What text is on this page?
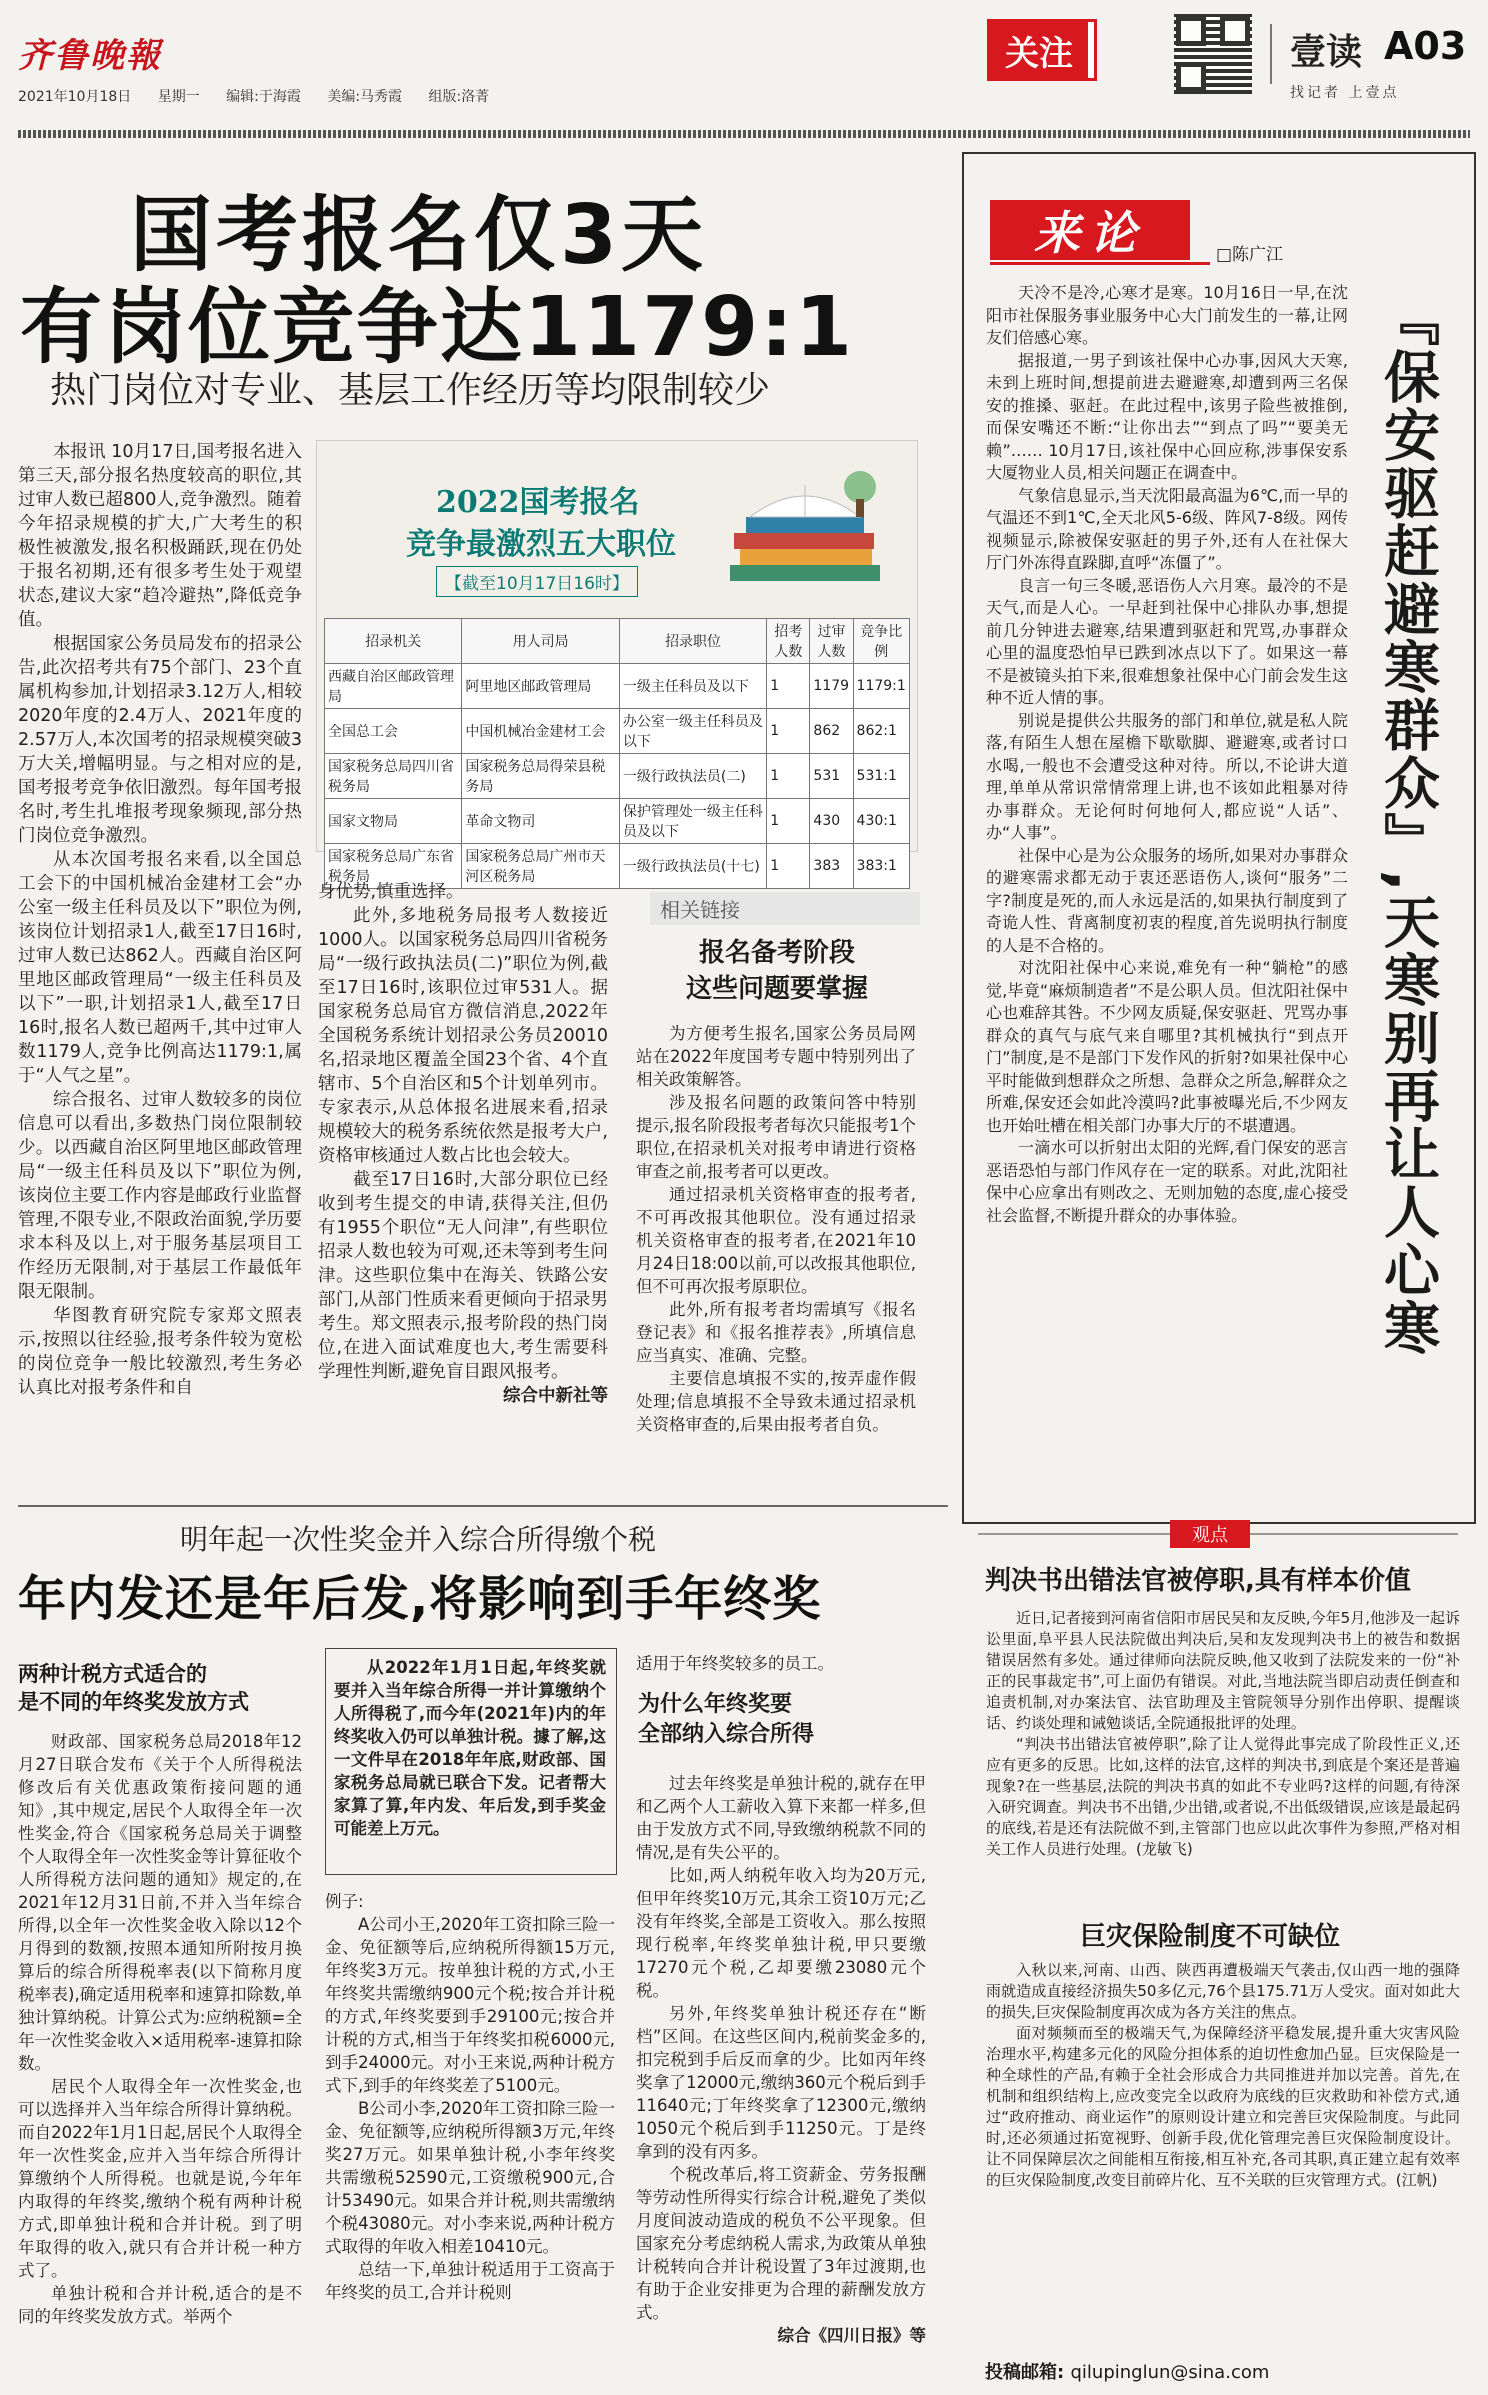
齐鲁晚報
2021年10月18日 星期一 编辑:于海霞 美编:马秀霞 组版:洛菁
关注	壹读 A03
找记者 上壹点
国考报名仅3天
有岗位竞争达1179:1
热门岗位对专业、基层工作经历等均限制较少

本报讯 10月17日,国考报名进入第三天,部分报名热度较高的职位,其过审人数已超800人,竞争激烈。随着今年招录规模的扩大,广大考生的积极性被激发,报名积极踊跃,现在仍处于报名初期,还有很多考生处于观望状态,建议大家“趋冷避热”,降低竞争值。

根据国家公务员局发布的招录公告,此次招考共有75个部门、23个直属机构参加,计划招录3.12万人,相较2020年度的2.4万人、2021年度的2.57万人,本次国考的招录规模突破3万大关,增幅明显。与之相对应的是,国考报考竞争依旧激烈。每年国考报名时,考生扎堆报考现象频现,部分热门岗位竞争激烈。

从本次国考报名来看,以全国总工会下的中国机械冶金建材工会“办公室一级主任科员及以下”职位为例,该岗位计划招录1人,截至17日16时,过审人数已达862人。西藏自治区阿里地区邮政管理局“一级主任科员及以下”一职,计划招录1人,截至17日16时,报名人数已超两千,其中过审人数1179人,竞争比例高达1179:1,属于“人气之星”。

综合报名、过审人数较多的岗位信息可以看出,多数热门岗位限制较少。以西藏自治区阿里地区邮政管理局“一级主任科员及以下”职位为例,该岗位主要工作内容是邮政行业监督管理,不限专业,不限政治面貌,学历要求本科及以上,对于服务基层项目工作经历无限制,对于基层工作最低年限无限制。

华图教育研究院专家郑文照表示,按照以往经验,报考条件较为宽松的岗位竞争一般比较激烈,考生务必认真比对报考条件和自

2022国考报名
竞争最激烈五大职位
【截至10月17日16时】
招录机关	用人司局	招录职位	招考人数	过审人数	竞争比例
西藏自治区邮政管理局	阿里地区邮政管理局	一级主任科员及以下	1	1179	1179:1
全国总工会	中国机械冶金建材工会	办公室一级主任科员及以下	1	862	862:1
国家税务总局四川省税务局	国家税务总局得荣县税务局	一级行政执法员(二)	1	531	531:1
国家文物局	革命文物司	保护管理处一级主任科员及以下	1	430	430:1
国家税务总局广东省税务局	国家税务总局广州市天河区税务局	一级行政执法员(十七)	1	383	383:1

身优势,慎重选择。

此外,多地税务局报考人数接近1000人。以国家税务总局四川省税务局“一级行政执法员(二)”职位为例,截至17日16时,该职位过审531人。据国家税务总局官方微信消息,2022年全国税务系统计划招录公务员20010名,招录地区覆盖全国23个省、4个直辖市、5个自治区和5个计划单列市。专家表示,从总体报名进展来看,招录规模较大的税务系统依然是报考大户,资格审核通过人数占比也会较大。

截至17日16时,大部分职位已经收到考生提交的申请,获得关注,但仍有1955个职位“无人问津”,有些职位招录人数也较为可观,还未等到考生问津。这些职位集中在海关、铁路公安部门,从部门性质来看更倾向于招录男考生。郑文照表示,报考阶段的热门岗位,在进入面试难度也大,考生需要科学理性判断,避免盲目跟风报考。

综合中新社等

相关链接
报名备考阶段
这些问题要掌握

为方便考生报名,国家公务员局网站在2022年度国考专题中特别列出了相关政策解答。

涉及报名问题的政策问答中特别提示,报名阶段报考者每次只能报考1个职位,在招录机关对报考申请进行资格审查之前,报考者可以更改。

通过招录机关资格审查的报考者,不可再改报其他职位。没有通过招录机关资格审查的报考者,在2021年10月24日18:00以前,可以改报其他职位,但不可再次报考原职位。

此外,所有报考者均需填写《报名登记表》和《报名推荐表》,所填信息应当真实、准确、完整。

主要信息填报不实的,按弄虚作假处理;信息填报不全导致未通过招录机关资格审查的,后果由报考者自负。

来论	□陈广江
『保安驱赶避寒群众』,天寒别再让人心寒

天冷不是冷,心寒才是寒。10月16日一早,在沈阳市社保服务事业服务中心大门前发生的一幕,让网友们倍感心寒。

据报道,一男子到该社保中心办事,因风大天寒,未到上班时间,想提前进去避避寒,却遭到两三名保安的推搡、驱赶。在此过程中,该男子险些被推倒,而保安嘴还不断:“让你出去”“到点了吗”“要美无赖”…… 10月17日,该社保中心回应称,涉事保安系大厦物业人员,相关问题正在调查中。

气象信息显示,当天沈阳最高温为6℃,而一早的气温还不到1℃,全天北风5-6级、阵风7-8级。网传视频显示,除被保安驱赶的男子外,还有人在社保大厅门外冻得直跺脚,直呼“冻僵了”。

良言一句三冬暖,恶语伤人六月寒。最冷的不是天气,而是人心。一早赶到社保中心排队办事,想提前几分钟进去避寒,结果遭到驱赶和咒骂,办事群众心里的温度恐怕早已跌到冰点以下了。如果这一幕不是被镜头拍下来,很难想象社保中心门前会发生这种不近人情的事。

别说是提供公共服务的部门和单位,就是私人院落,有陌生人想在屋檐下歇歇脚、避避寒,或者讨口水喝,一般也不会遭受这种对待。所以,不论讲大道理,单单从常识常情常理上讲,也不该如此粗暴对待办事群众。无论何时何地何人,都应说“人话”、办“人事”。

社保中心是为公众服务的场所,如果对办事群众的避寒需求都无动于衷还恶语伤人,谈何“服务”二字?制度是死的,而人永远是活的,如果执行制度到了奇诡人性、背离制度初衷的程度,首先说明执行制度的人是不合格的。

对沈阳社保中心来说,难免有一种“躺枪”的感觉,毕竟“麻烦制造者”不是公职人员。但沈阳社保中心也难辞其咎。不少网友质疑,保安驱赶、咒骂办事群众的真气与底气来自哪里?其机械执行“到点开门”制度,是不是部门下发作风的折射?如果社保中心平时能做到想群众之所想、急群众之所急,解群众之所难,保安还会如此冷漠吗?此事被曝光后,不少网友也开始吐槽在相关部门办事大厅的不堪遭遇。

一滴水可以折射出太阳的光辉,看门保安的恶言恶语恐怕与部门作风存在一定的联系。对此,沈阳社保中心应拿出有则改之、无则加勉的态度,虚心接受社会监督,不断提升群众的办事体验。

观点
判决书出错法官被停职,具有样本价值

近日,记者接到河南省信阳市居民吴和友反映,今年5月,他涉及一起诉讼里面,阜平县人民法院做出判决后,吴和友发现判决书上的被告和数据错误居然有多处。通过律师向法院反映,他又收到了法院发来的一份“补正的民事裁定书”,可上面仍有错误。对此,当地法院当即启动责任倒查和追责机制,对办案法官、法官助理及主管院领导分别作出停职、提醒谈话、约谈处理和诫勉谈话,全院通报批评的处理。

“判决书出错法官被停职”,除了让人觉得此事完成了阶段性正义,还应有更多的反思。比如,这样的法官,这样的判决书,到底是个案还是普遍现象?在一些基层,法院的判决书真的如此不专业吗?这样的问题,有待深入研究调查。判决书不出错,少出错,或者说,不出低级错误,应该是最起码的底线,若是还有法院做不到,主管部门也应以此次事件为参照,严格对相关工作人员进行处理。(龙敏飞)

巨灾保险制度不可缺位

入秋以来,河南、山西、陕西再遭极端天气袭击,仅山西一地的强降雨就造成直接经济损失50多亿元,76个县175.71万人受灾。面对如此大的损失,巨灾保险制度再次成为各方关注的焦点。

面对频频而至的极端天气,为保障经济平稳发展,提升重大灾害风险治理水平,构建多元化的风险分担体系的迫切性愈加凸显。巨灾保险是一种全球性的产品,有赖于全社会形成合力共同推进并加以完善。首先,在机制和组织结构上,应改变完全以政府为底线的巨灾救助和补偿方式,通过“政府推动、商业运作”的原则设计建立和完善巨灾保险制度。与此同时,还必须通过拓宽视野、创新手段,优化管理完善巨灾保险制度设计。让不同保障层次之间能相互衔接,相互补充,各司其职,真正建立起有效率的巨灾保险制度,改变目前碎片化、互不关联的巨灾管理方式。(江帆)

投稿邮箱: qilupinglun@sina.com
明年起一次性奖金并入综合所得缴个税
年内发还是年后发,将影响到手年终奖
两种计税方式适合的
是不同的年终奖发放方式

财政部、国家税务总局2018年12月27日联合发布《关于个人所得税法修改后有关优惠政策衔接问题的通知》,其中规定,居民个人取得全年一次性奖金,符合《国家税务总局关于调整个人取得全年一次性奖金等计算征收个人所得税方法问题的通知》规定的,在2021年12月31日前,不并入当年综合所得,以全年一次性奖金收入除以12个月得到的数额,按照本通知所附按月换算后的综合所得税率表(以下简称月度税率表),确定适用税率和速算扣除数,单独计算纳税。计算公式为:应纳税额=全年一次性奖金收入×适用税率-速算扣除数。

居民个人取得全年一次性奖金,也可以选择并入当年综合所得计算纳税。而自2022年1月1日起,居民个人取得全年一次性奖金,应并入当年综合所得计算缴纳个人所得税。也就是说,今年年内取得的年终奖,缴纳个税有两种计税方式,即单独计税和合并计税。到了明年取得的收入,就只有合并计税一种方式了。

单独计税和合并计税,适合的是不同的年终奖发放方式。举两个

从2022年1月1日起,年终奖就要并入当年综合所得一并计算缴纳个人所得税了,而今年(2021年)内的年终奖收入仍可以单独计税。據了解,这一文件早在2018年年底,财政部、国家税务总局就已联合下发。记者帮大家算了算,年内发、年后发,到手奖金可能差上万元。

例子:

A公司小王,2020年工资扣除三险一金、免征额等后,应纳税所得额15万元,年终奖3万元。按单独计税的方式,小王年终奖共需缴纳900元个税;按合并计税的方式,年终奖要到手29100元;按合并计税的方式,相当于年终奖扣税6000元,到手24000元。对小王来说,两种计税方式下,到手的年终奖差了5100元。

B公司小李,2020年工资扣除三险一金、免征额等,应纳税所得额3万元,年终奖27万元。如果单独计税,小李年终奖共需缴税52590元,工资缴税900元,合计53490元。如果合并计税,则共需缴纳个税43080元。对小李来说,两种计税方式取得的年收入相差10410元。

总结一下,单独计税适用于工资高于年终奖的员工,合并计税则

适用于年终奖较多的员工。

为什么年终奖要
全部纳入综合所得

过去年终奖是单独计税的,就存在甲和乙两个人工薪收入算下来都一样多,但由于发放方式不同,导致缴纳税款不同的情况,是有失公平的。

比如,两人纳税年收入均为20万元,但甲年终奖10万元,其余工资10万元;乙没有年终奖,全部是工资收入。那么按照现行税率,年终奖单独计税,甲只要缴17270元个税,乙却要缴23080元个税。

另外,年终奖单独计税还存在“断档”区间。在这些区间内,税前奖金多的,扣完税到手后反而拿的少。比如丙年终奖拿了12000元,缴纳360元个税后到手11640元;丁年终奖拿了12300元,缴纳1050元个税后到手11250元。丁是终拿到的没有丙多。

个税改革后,将工资薪金、劳务报酬等劳动性所得实行综合计税,避免了类似月度间波动造成的税负不公平现象。但国家充分考虑纳税人需求,为政策从单独计税转向合并计税设置了3年过渡期,也有助于企业安排更为合理的薪酬发放方式。

综合《四川日报》等
